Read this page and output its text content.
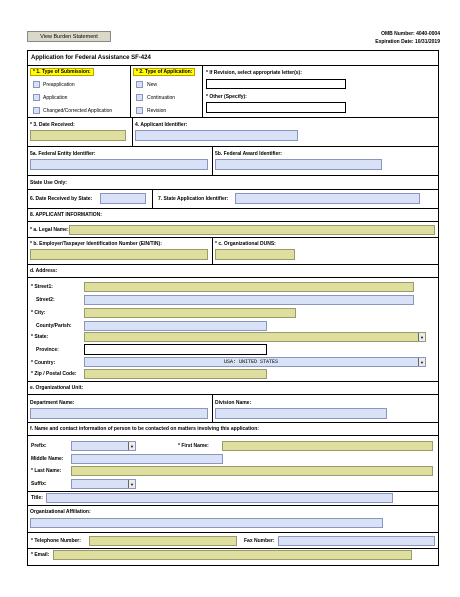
View Burden Statement	OMB Number: 4040-0004
Expiration Date: 10/31/2019
Application for Federal Assistance SF-424
* 1. Type of Submission:
Preapplication
Application
Changed/Corrected Application
* 2. Type of Application:
New
Continuation
Revision
* If Revision, select appropriate letter(s):
* Other (Specify):
* 3. Date Received:	4. Applicant Identifier:
5a. Federal Entity Identifier:	5b. Federal Award Identifier:
State Use Only:
6. Date Received by State:	7. State Application Identifier:
8. APPLICANT INFORMATION:
* a. Legal Name:
* b. Employer/Taxpayer Identification Number (EIN/TIN):	* c. Organizational DUNS:
d. Address:
* Street1:
Street2:
* City:
County/Parish:
* State:	▼
Province:
* Country:	USA: UNITED STATES	▼
* Zip / Postal Code:
e. Organizational Unit:
Department Name:	Division Name:
f. Name and contact information of person to be contacted on matters involving this application:
Prefix:	▼	* First Name:
Middle Name:
* Last Name:
Suffix:	▼
Title:
Organizational Affiliation:
* Telephone Number:	Fax Number:
* Email:
